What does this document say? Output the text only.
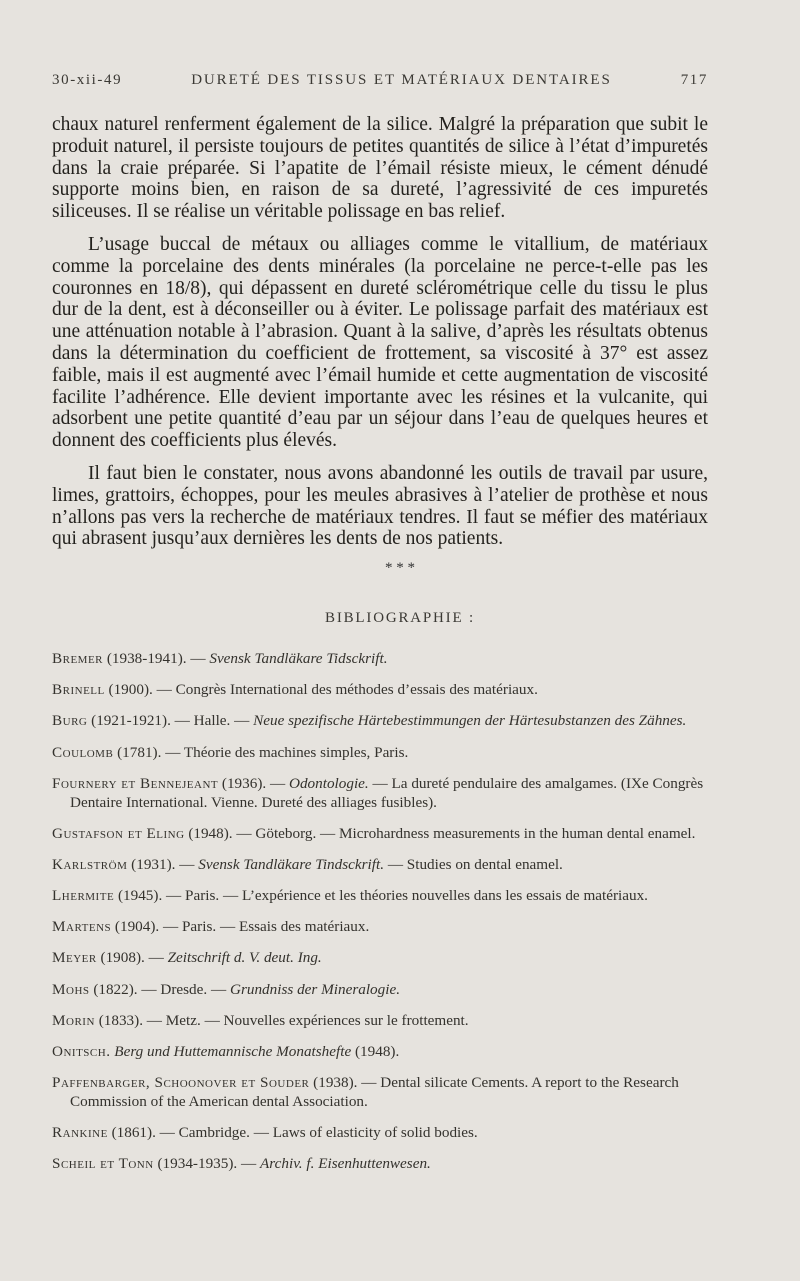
30-xii-49	DURETÉ DES TISSUS ET MATÉRIAUX DENTAIRES	717

chaux naturel renferment également de la silice. Malgré la préparation que subit le produit naturel, il persiste toujours de petites quantités de silice à l’état d’impuretés dans la craie préparée. Si l’apatite de l’émail résiste mieux, le cément dénudé supporte moins bien, en raison de sa dureté, l’agressivité de ces impuretés siliceuses. Il se réalise un véritable polissage en bas relief.

L’usage buccal de métaux ou alliages comme le vitallium, de matériaux comme la porcelaine des dents minérales (la porcelaine ne perce-t-elle pas les couronnes en 18/8), qui dépassent en dureté sclérométrique celle du tissu le plus dur de la dent, est à déconseiller ou à éviter. Le polissage parfait des matériaux est une atténuation notable à l’abrasion. Quant à la salive, d’après les résultats obtenus dans la détermination du coefficient de frottement, sa viscosité à 37° est assez faible, mais il est augmenté avec l’émail humide et cette augmentation de viscosité facilite l’adhérence. Elle devient importante avec les résines et la vulcanite, qui adsorbent une petite quantité d’eau par un séjour dans l’eau de quelques heures et donnent des coefficients plus élevés.

Il faut bien le constater, nous avons abandonné les outils de travail par usure, limes, grattoirs, échoppes, pour les meules abrasives à l’atelier de prothèse et nous n’allons pas vers la recherche de matériaux tendres. Il faut se méfier des matériaux qui abrasent jusqu’aux dernières les dents de nos patients.

* * *
BIBLIOGRAPHIE :
Bremer (1938-1941). — Svensk Tandläkare Tidsckrift.
Brinell (1900). — Congrès International des méthodes d’essais des matériaux.
Burg (1921-1921). — Halle. — Neue spezifische Härtebestimmungen der Härtesubstanzen des Zähnes.
Coulomb (1781). — Théorie des machines simples, Paris.
Fournery et Bennejeant (1936). — Odontologie. — La dureté pendulaire des amalgames. (IXe Congrès Dentaire International. Vienne. Dureté des alliages fusibles).
Gustafson et Eling (1948). — Göteborg. — Microhardness measurements in the human dental enamel.
Karlström (1931). — Svensk Tandläkare Tindsckrift. — Studies on dental enamel.
Lhermite (1945). — Paris. — L’expérience et les théories nouvelles dans les essais de matériaux.
Martens (1904). — Paris. — Essais des matériaux.
Meyer (1908). — Zeitschrift d. V. deut. Ing.
Mohs (1822). — Dresde. — Grundniss der Mineralogie.
Morin (1833). — Metz. — Nouvelles expériences sur le frottement.
Onitsch. Berg und Huttemannische Monatshefte (1948).
Paffenbarger, Schoonover et Souder (1938). — Dental silicate Cements. A report to the Research Commission of the American dental Association.
Rankine (1861). — Cambridge. — Laws of elasticity of solid bodies.
Scheil et Tonn (1934-1935). — Archiv. f. Eisenhuttenwesen.
